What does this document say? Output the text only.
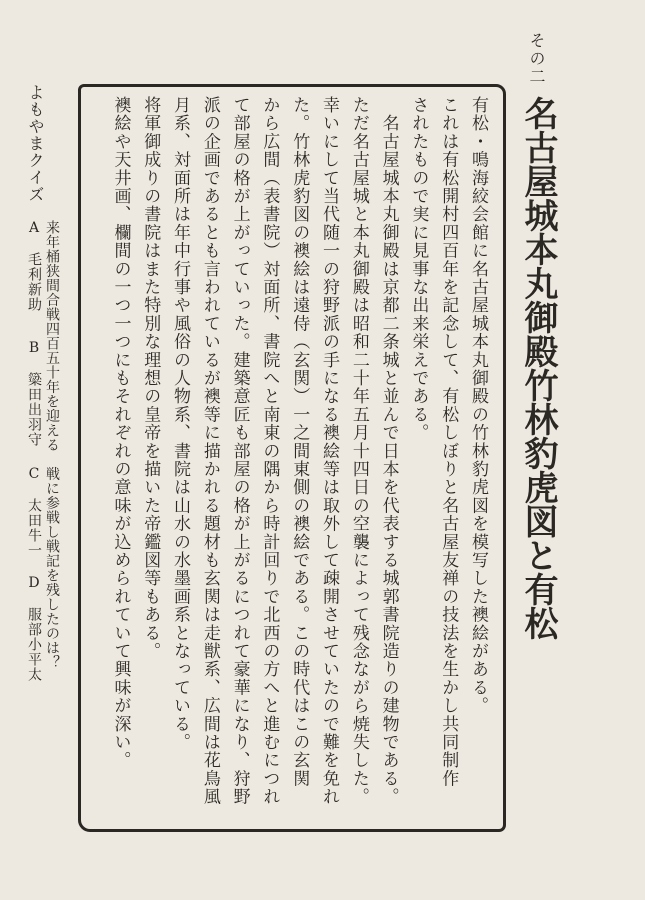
その二
名古屋城本丸御殿竹林豹虎図と有松
有松・鳴海絞会館に名古屋城本丸御殿の竹林豹虎図を模写した襖絵がある。
これは有松開村四百年を記念して、有松しぼりと名古屋友禅の技法を生かし共同制作
されたもので実に見事な出来栄えである。
　名古屋城本丸御殿は京都二条城と並んで日本を代表する城郭書院造りの建物である。
ただ名古屋城と本丸御殿は昭和二十年五月十四日の空襲によって残念ながら焼失した。
幸いにして当代随一の狩野派の手になる襖絵等は取外して疎開させていたので難を免れ
た。竹林虎豹図の襖絵は遠侍（玄関）一之間東側の襖絵である。この時代はこの玄関
から広間（表書院）対面所、書院へと南東の隅から時計回りで北西の方へと進むにつれ
て部屋の格が上がっていった。建築意匠も部屋の格が上がるにつれて豪華になり、狩野
派の企画であるとも言われているが襖等に描かれる題材も玄関は走獣系、広間は花鳥風
月系、対面所は年中行事や風俗の人物系、書院は山水の水墨画系となっている。
将軍御成りの書院はまた特別な理想の皇帝を描いた帝鑑図等もある。
襖絵や天井画、欄間の一つ一つにもそれぞれの意味が込められていて興味が深い。
よもやまクイズ
来年桶狭間合戦四百五十年を迎える　戦に参戦し戦記を残したのは？
A　毛利新助
B　簗田出羽守
C　太田牛一
D　服部小平太
